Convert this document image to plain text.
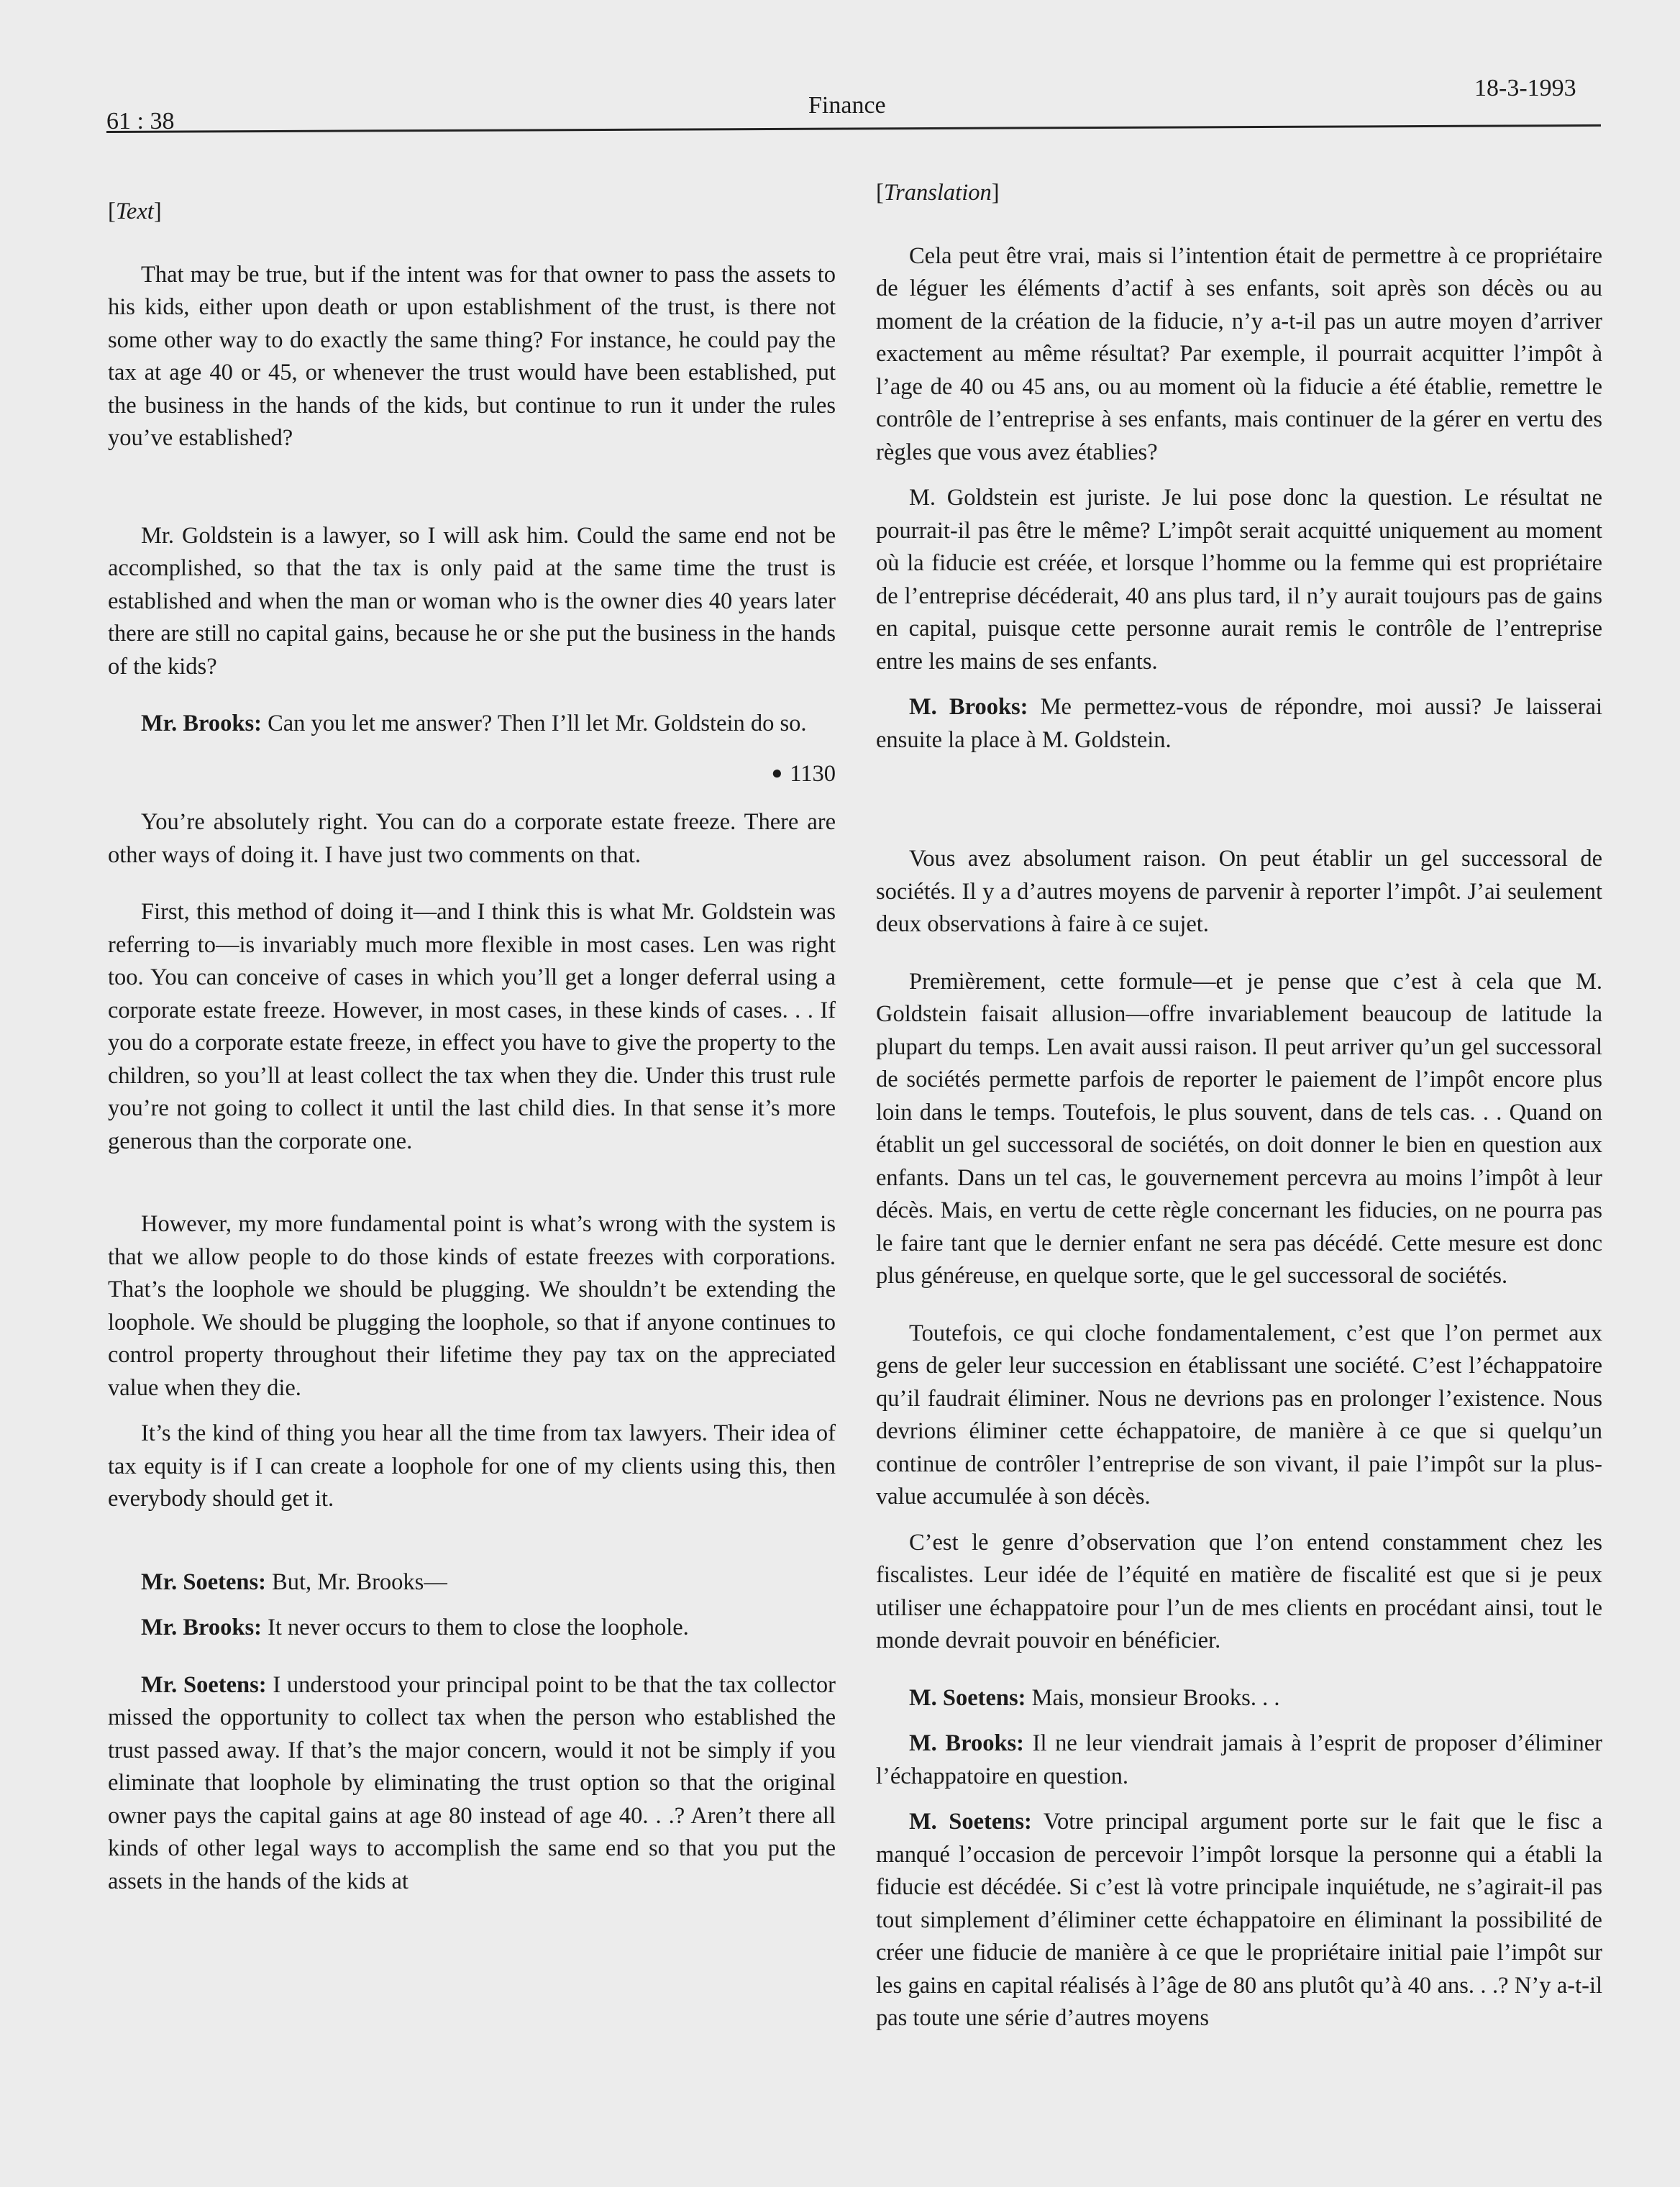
61 : 38
Finance
18-3-1993
[Text]

That may be true, but if the intent was for that owner to pass the assets to his kids, either upon death or upon establishment of the trust, is there not some other way to do exactly the same thing? For instance, he could pay the tax at age 40 or 45, or whenever the trust would have been established, put the business in the hands of the kids, but continue to run it under the rules you’ve established?

Mr. Goldstein is a lawyer, so I will ask him. Could the same end not be accomplished, so that the tax is only paid at the same time the trust is established and when the man or woman who is the owner dies 40 years later there are still no capital gains, because he or she put the business in the hands of the kids?

Mr. Brooks: Can you let me answer? Then I’ll let Mr. Goldstein do so.

● 1130

You’re absolutely right. You can do a corporate estate freeze. There are other ways of doing it. I have just two comments on that.

First, this method of doing it—and I think this is what Mr. Goldstein was referring to—is invariably much more flexible in most cases. Len was right too. You can conceive of cases in which you’ll get a longer deferral using a corporate estate freeze. However, in most cases, in these kinds of cases. . . If you do a corporate estate freeze, in effect you have to give the property to the children, so you’ll at least collect the tax when they die. Under this trust rule you’re not going to collect it until the last child dies. In that sense it’s more generous than the corporate one.

However, my more fundamental point is what’s wrong with the system is that we allow people to do those kinds of estate freezes with corporations. That’s the loophole we should be plugging. We shouldn’t be extending the loophole. We should be plugging the loophole, so that if anyone continues to control property throughout their lifetime they pay tax on the appreciated value when they die.

It’s the kind of thing you hear all the time from tax lawyers. Their idea of tax equity is if I can create a loophole for one of my clients using this, then everybody should get it.

Mr. Soetens: But, Mr. Brooks—

Mr. Brooks: It never occurs to them to close the loophole.

Mr. Soetens: I understood your principal point to be that the tax collector missed the opportunity to collect tax when the person who established the trust passed away. If that’s the major concern, would it not be simply if you eliminate that loophole by eliminating the trust option so that the original owner pays the capital gains at age 80 instead of age 40. . .? Aren’t there all kinds of other legal ways to accomplish the same end so that you put the assets in the hands of the kids at

[Translation]

Cela peut être vrai, mais si l’intention était de permettre à ce propriétaire de léguer les éléments d’actif à ses enfants, soit après son décès ou au moment de la création de la fiducie, n’y a-t-il pas un autre moyen d’arriver exactement au même résultat? Par exemple, il pourrait acquitter l’impôt à l’age de 40 ou 45 ans, ou au moment où la fiducie a été établie, remettre le contrôle de l’entreprise à ses enfants, mais continuer de la gérer en vertu des règles que vous avez établies?

M. Goldstein est juriste. Je lui pose donc la question. Le résultat ne pourrait-il pas être le même? L’impôt serait acquitté uniquement au moment où la fiducie est créée, et lorsque l’homme ou la femme qui est propriétaire de l’entreprise décéderait, 40 ans plus tard, il n’y aurait toujours pas de gains en capital, puisque cette personne aurait remis le contrôle de l’entreprise entre les mains de ses enfants.

M. Brooks: Me permettez-vous de répondre, moi aussi? Je laisserai ensuite la place à M. Goldstein.

Vous avez absolument raison. On peut établir un gel successoral de sociétés. Il y a d’autres moyens de parvenir à reporter l’impôt. J’ai seulement deux observations à faire à ce sujet.

Premièrement, cette formule—et je pense que c’est à cela que M. Goldstein faisait allusion—offre invariablement beaucoup de latitude la plupart du temps. Len avait aussi raison. Il peut arriver qu’un gel successoral de sociétés permette parfois de reporter le paiement de l’impôt encore plus loin dans le temps. Toutefois, le plus souvent, dans de tels cas. . . Quand on établit un gel successoral de sociétés, on doit donner le bien en question aux enfants. Dans un tel cas, le gouvernement percevra au moins l’impôt à leur décès. Mais, en vertu de cette règle concernant les fiducies, on ne pourra pas le faire tant que le dernier enfant ne sera pas décédé. Cette mesure est donc plus généreuse, en quelque sorte, que le gel successoral de sociétés.

Toutefois, ce qui cloche fondamentalement, c’est que l’on permet aux gens de geler leur succession en établissant une société. C’est l’échappatoire qu’il faudrait éliminer. Nous ne devrions pas en prolonger l’existence. Nous devrions éliminer cette échappatoire, de manière à ce que si quelqu’un continue de contrôler l’entreprise de son vivant, il paie l’impôt sur la plus-value accumulée à son décès.

C’est le genre d’observation que l’on entend constamment chez les fiscalistes. Leur idée de l’équité en matière de fiscalité est que si je peux utiliser une échappatoire pour l’un de mes clients en procédant ainsi, tout le monde devrait pouvoir en bénéficier.

M. Soetens: Mais, monsieur Brooks. . .

M. Brooks: Il ne leur viendrait jamais à l’esprit de proposer d’éliminer l’échappatoire en question.

M. Soetens: Votre principal argument porte sur le fait que le fisc a manqué l’occasion de percevoir l’impôt lorsque la personne qui a établi la fiducie est décédée. Si c’est là votre principale inquiétude, ne s’agirait-il pas tout simplement d’éliminer cette échappatoire en éliminant la possibilité de créer une fiducie de manière à ce que le propriétaire initial paie l’impôt sur les gains en capital réalisés à l’âge de 80 ans plutôt qu’à 40 ans. . .? N’y a-t-il pas toute une série d’autres moyens
